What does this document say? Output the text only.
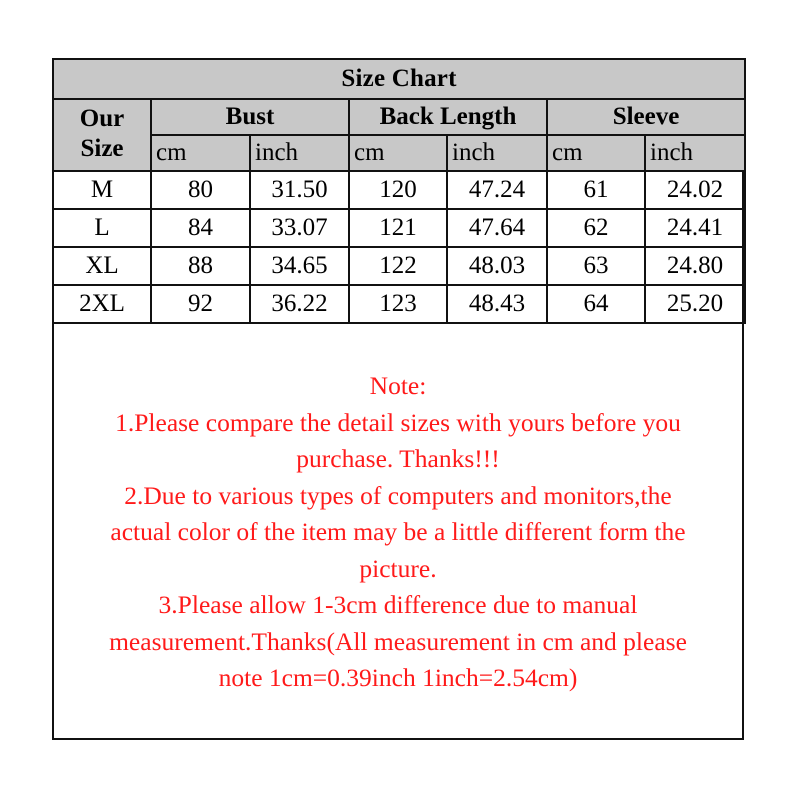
Size Chart						
Our	Bust		Back Length		Sleeve	
Size	cm	inch	cm	inch	cm	inch
M	80	31.50	120	47.24	61	24.02
L	84	33.07	121	47.64	62	24.41
XL	88	34.65	122	48.03	63	24.80
2XL	92	36.22	123	48.43	64	25.20
Note:
1.Please compare the detail sizes with yours before you
purchase. Thanks!!!
2.Due to various types of computers and monitors,the
actual color of the item may be a little different form the
picture.
3.Please allow 1-3cm difference due to manual
measurement.Thanks(All measurement in cm and please
note 1cm=0.39inch 1inch=2.54cm)
